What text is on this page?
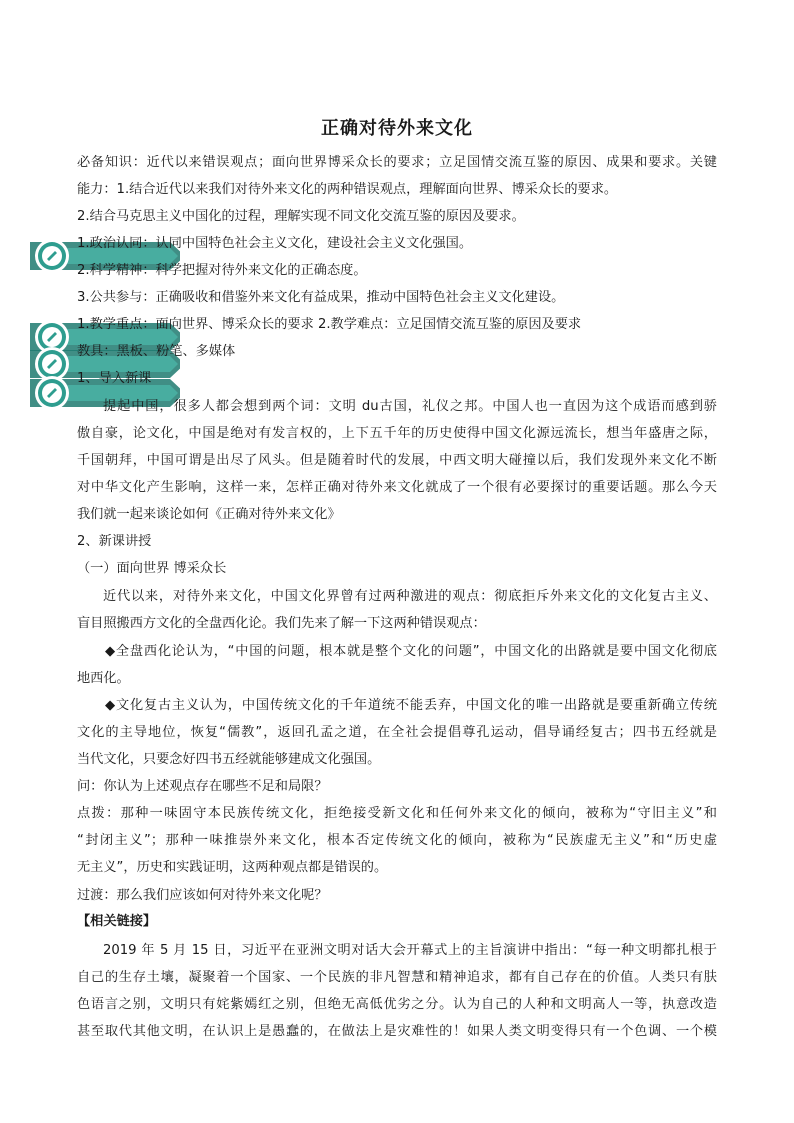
正确对待外来文化
必备知识：近代以来错误观点；面向世界博采众长的要求；立足国情交流互鉴的原因、成果和要求。关键
能力：1.结合近代以来我们对待外来文化的两种错误观点，理解面向世界、博采众长的要求。
2.结合马克思主义中国化的过程，理解实现不同文化交流互鉴的原因及要求。
1.政治认同：认同中国特色社会主义文化，建设社会主义文化强国。
2.科学精神：科学把握对待外来文化的正确态度。
3.公共参与：正确吸收和借鉴外来文化有益成果，推动中国特色社会主义文化建设。
1.教学重点：面向世界、博采众长的要求 2.教学难点：立足国情交流互鉴的原因及要求
教具：黑板、粉笔、多媒体
1、导入新课
提起中国，很多人都会想到两个词：文明 du古国，礼仪之邦。中国人也一直因为这个成语而感到骄
傲自豪，论文化，中国是绝对有发言权的，上下五千年的历史使得中国文化源远流长，想当年盛唐之际，
千国朝拜，中国可谓是出尽了风头。但是随着时代的发展，中西文明大碰撞以后，我们发现外来文化不断
对中华文化产生影响，这样一来，怎样正确对待外来文化就成了一个很有必要探讨的重要话题。那么今天
我们就一起来谈论如何《正确对待外来文化》
2、新课讲授
（一）面向世界 博采众长
近代以来，对待外来文化，中国文化界曾有过两种激进的观点：彻底拒斥外来文化的文化复古主义、
盲目照搬西方文化的全盘西化论。我们先来了解一下这两种错误观点：
◆全盘西化论认为，“中国的问题，根本就是整个文化的问题”，中国文化的出路就是要中国文化彻底
地西化。
◆文化复古主义认为，中国传统文化的千年道统不能丢弃，中国文化的唯一出路就是要重新确立传统
文化的主导地位，恢复“儒教”，返回孔孟之道，在全社会提倡尊孔运动，倡导诵经复古；四书五经就是
当代文化，只要念好四书五经就能够建成文化强国。
问：你认为上述观点存在哪些不足和局限？
点拨：那种一味固守本民族传统文化，拒绝接受新文化和任何外来文化的倾向，被称为“守旧主义”和
“封闭主义”；那种一味推崇外来文化，根本否定传统文化的倾向，被称为“民族虚无主义”和“历史虚
无主义”，历史和实践证明，这两种观点都是错误的。
过渡：那么我们应该如何对待外来文化呢？
【相关链接】
2019 年 5 月 15 日，习近平在亚洲文明对话大会开幕式上的主旨演讲中指出：“每一种文明都扎根于
自己的生存土壤，凝聚着一个国家、一个民族的非凡智慧和精神追求，都有自己存在的价值。人类只有肤
色语言之别，文明只有姹紫嫣红之别，但绝无高低优劣之分。认为自己的人种和文明高人一等，执意改造
甚至取代其他文明，在认识上是愚蠢的，在做法上是灾难性的！如果人类文明变得只有一个色调、一个模
